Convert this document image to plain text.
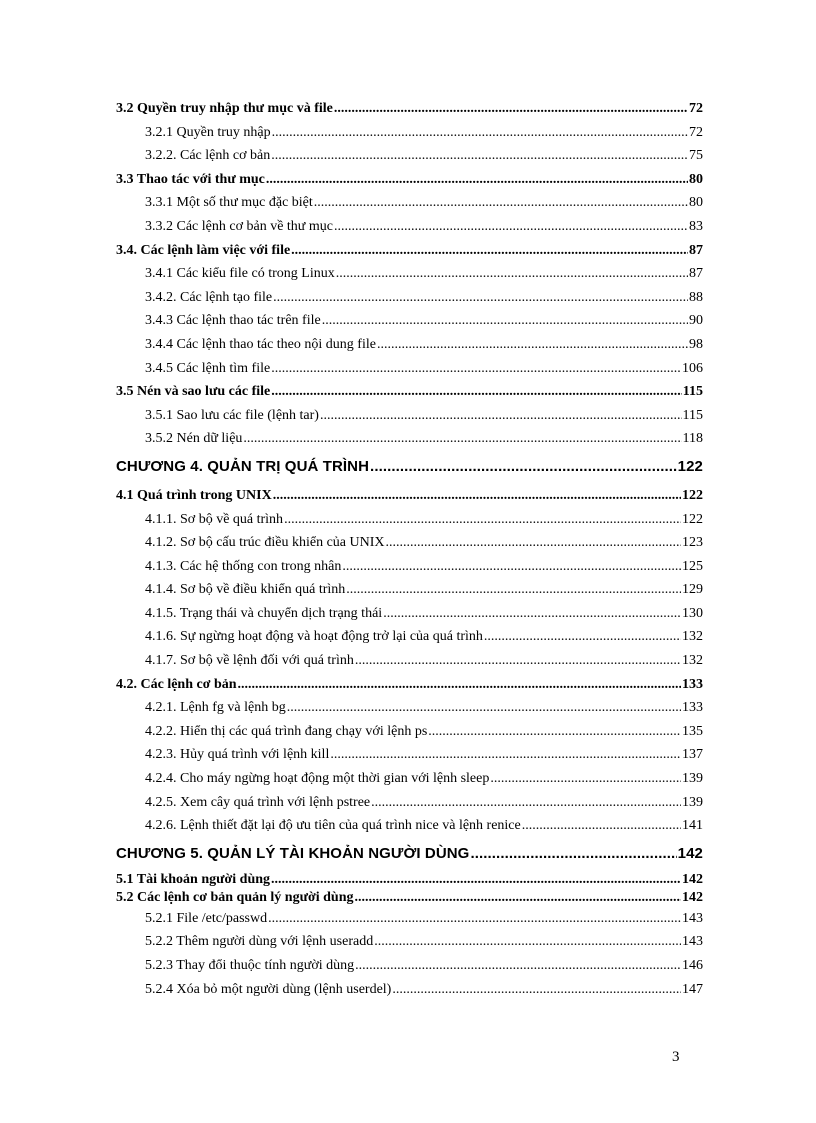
3.2 Quyền truy nhập thư mục và file .....	72
3.2.1 Quyền truy nhập .....	72
3.2.2. Các lệnh cơ bản .....	75
3.3 Thao tác với thư mục .....	80
3.3.1 Một số thư mục đặc biệt .....	80
3.3.2 Các lệnh cơ bản về thư mục .....	83
3.4. Các lệnh làm việc với file .....	87
3.4.1 Các kiểu file có trong Linux .....	87
3.4.2. Các lệnh tạo file .....	88
3.4.3 Các lệnh thao tác trên file .....	90
3.4.4 Các lệnh thao tác theo nội dung file .....	98
3.4.5 Các lệnh tìm file .....	106
3.5 Nén và sao lưu các file .....	115
3.5.1 Sao lưu các file (lệnh tar) .....	115
3.5.2 Nén dữ liệu .....	118
CHƯƠNG 4. QUẢN TRỊ QUÁ TRÌNH .....	122
4.1 Quá trình trong UNIX .....	122
4.1.1. Sơ bộ về quá trình .....	122
4.1.2. Sơ bộ cấu trúc điều khiển của UNIX .....	123
4.1.3. Các hệ thống con trong nhân .....	125
4.1.4. Sơ bộ về điều khiển quá trình .....	129
4.1.5. Trạng thái và chuyển dịch trạng thái .....	130
4.1.6. Sự ngừng hoạt động và hoạt động trở lại của quá trình .....	132
4.1.7. Sơ bộ về lệnh đối với quá trình .....	132
4.2. Các lệnh cơ bản .....	133
4.2.1. Lệnh fg và lệnh bg .....	133
4.2.2. Hiển thị các quá trình đang chạy với lệnh ps .....	135
4.2.3. Hủy quá trình với lệnh kill .....	137
4.2.4. Cho máy ngừng hoạt động một thời gian với lệnh sleep .....	139
4.2.5. Xem cây quá trình với lệnh pstree .....	139
4.2.6. Lệnh thiết đặt lại độ ưu tiên của quá trình nice và lệnh renice .....	141
CHƯƠNG 5. QUẢN LÝ TÀI KHOẢN NGƯỜI DÙNG .....	142
5.1 Tài khoản người dùng .....	142
5.2 Các lệnh cơ bản quản lý người dùng .....	142
5.2.1 File /etc/passwd .....	143
5.2.2 Thêm người dùng với lệnh useradd .....	143
5.2.3 Thay đổi thuộc tính người dùng .....	146
5.2.4 Xóa bỏ một người dùng (lệnh userdel) .....	147
3
